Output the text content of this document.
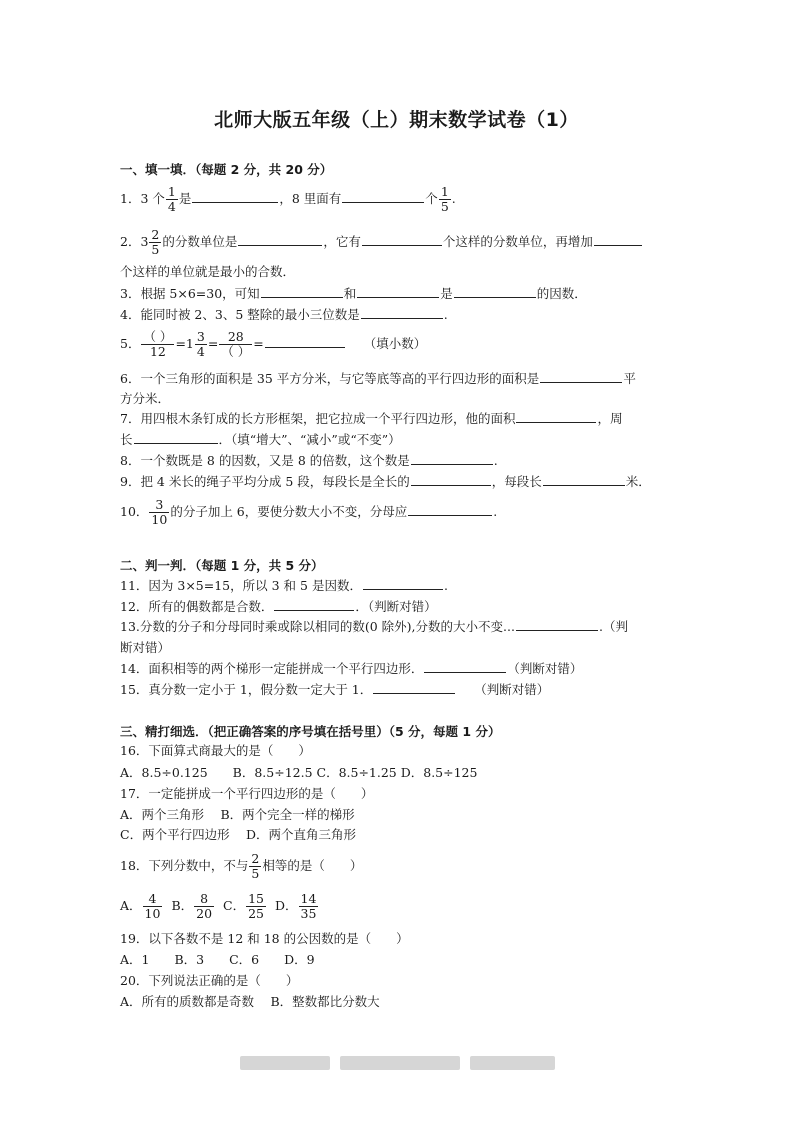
北师大版五年级（上）期末数学试卷（1）
一、填一填．（每题 2 分，共 20 分）
1．3 个 $\frac{1}{4}$ 是	，8 里面有	个 $\frac{1}{5}$ .
2．$3 \frac{2}{5}$ 的分数单位是	，它有	个这样的分数单位，再增加
个这样的单位就是最小的合数．
3．根据 5×6=30，可知	和	是	的因数．
4．能同时被 2、3、5 整除的最小三位数是	.
5． $\frac{( )}{12} =1 \frac{3}{4} = \frac{28}{( )}$ =	（填小数）
6．一个三角形的面积是 35 平方分米，与它等底等高的平行四边形的面积是	平
方分米．
7．用四根木条钉成的长方形框架，把它拉成一个平行四边形，他的面积	，周
长	．（填“增大”、“减小”或“不变”）
8．一个数既是 8 的因数，又是 8 的倍数，这个数是	.
9．把 4 米长的绳子平均分成 5 段，每段长是全长的	，每段长	米．
10． $\frac{3}{10}$ 的分子加上 6，要使分数大小不变，分母应	.
二、判一判．（每题 1 分，共 5 分）
11．因为 3×5=15，所以 3 和 5 是因数．	.
12．所有的偶数都是合数．	．（判断对错）
13.分数的分子和分母同时乘或除以相同的数(0 除外),分数的大小不变...	.（判
断对错）
14．面积相等的两个梯形一定能拼成一个平行四边形．	（判断对错）
15．真分数一定小于 1，假分数一定大于 1．	（判断对错）
三、精打细选．（把正确答案的序号填在括号里）（5 分，每题 1 分）
16．下面算式商最大的是（　　）
A．8.5÷0.125　　B．8.5÷12.5 C．8.5÷1.25 D．8.5÷125
17．一定能拼成一个平行四边形的是（　　）
A．两个三角形　 B．两个完全一样的梯形
C．两个平行四边形　 D．两个直角三角形
18．下列分数中，不与 $\frac{2}{5}$ 相等的是（　　）
A． $\frac{4}{10}$ B． $\frac{8}{20}$ C． $\frac{15}{25}$ D． $\frac{14}{35}$
19．以下各数不是 12 和 18 的公因数的是（　　）
A．1　　B．3　　C．6　　D．9
20．下列说法正确的是（　　）
A．所有的质数都是奇数　 B．整数都比分数大
